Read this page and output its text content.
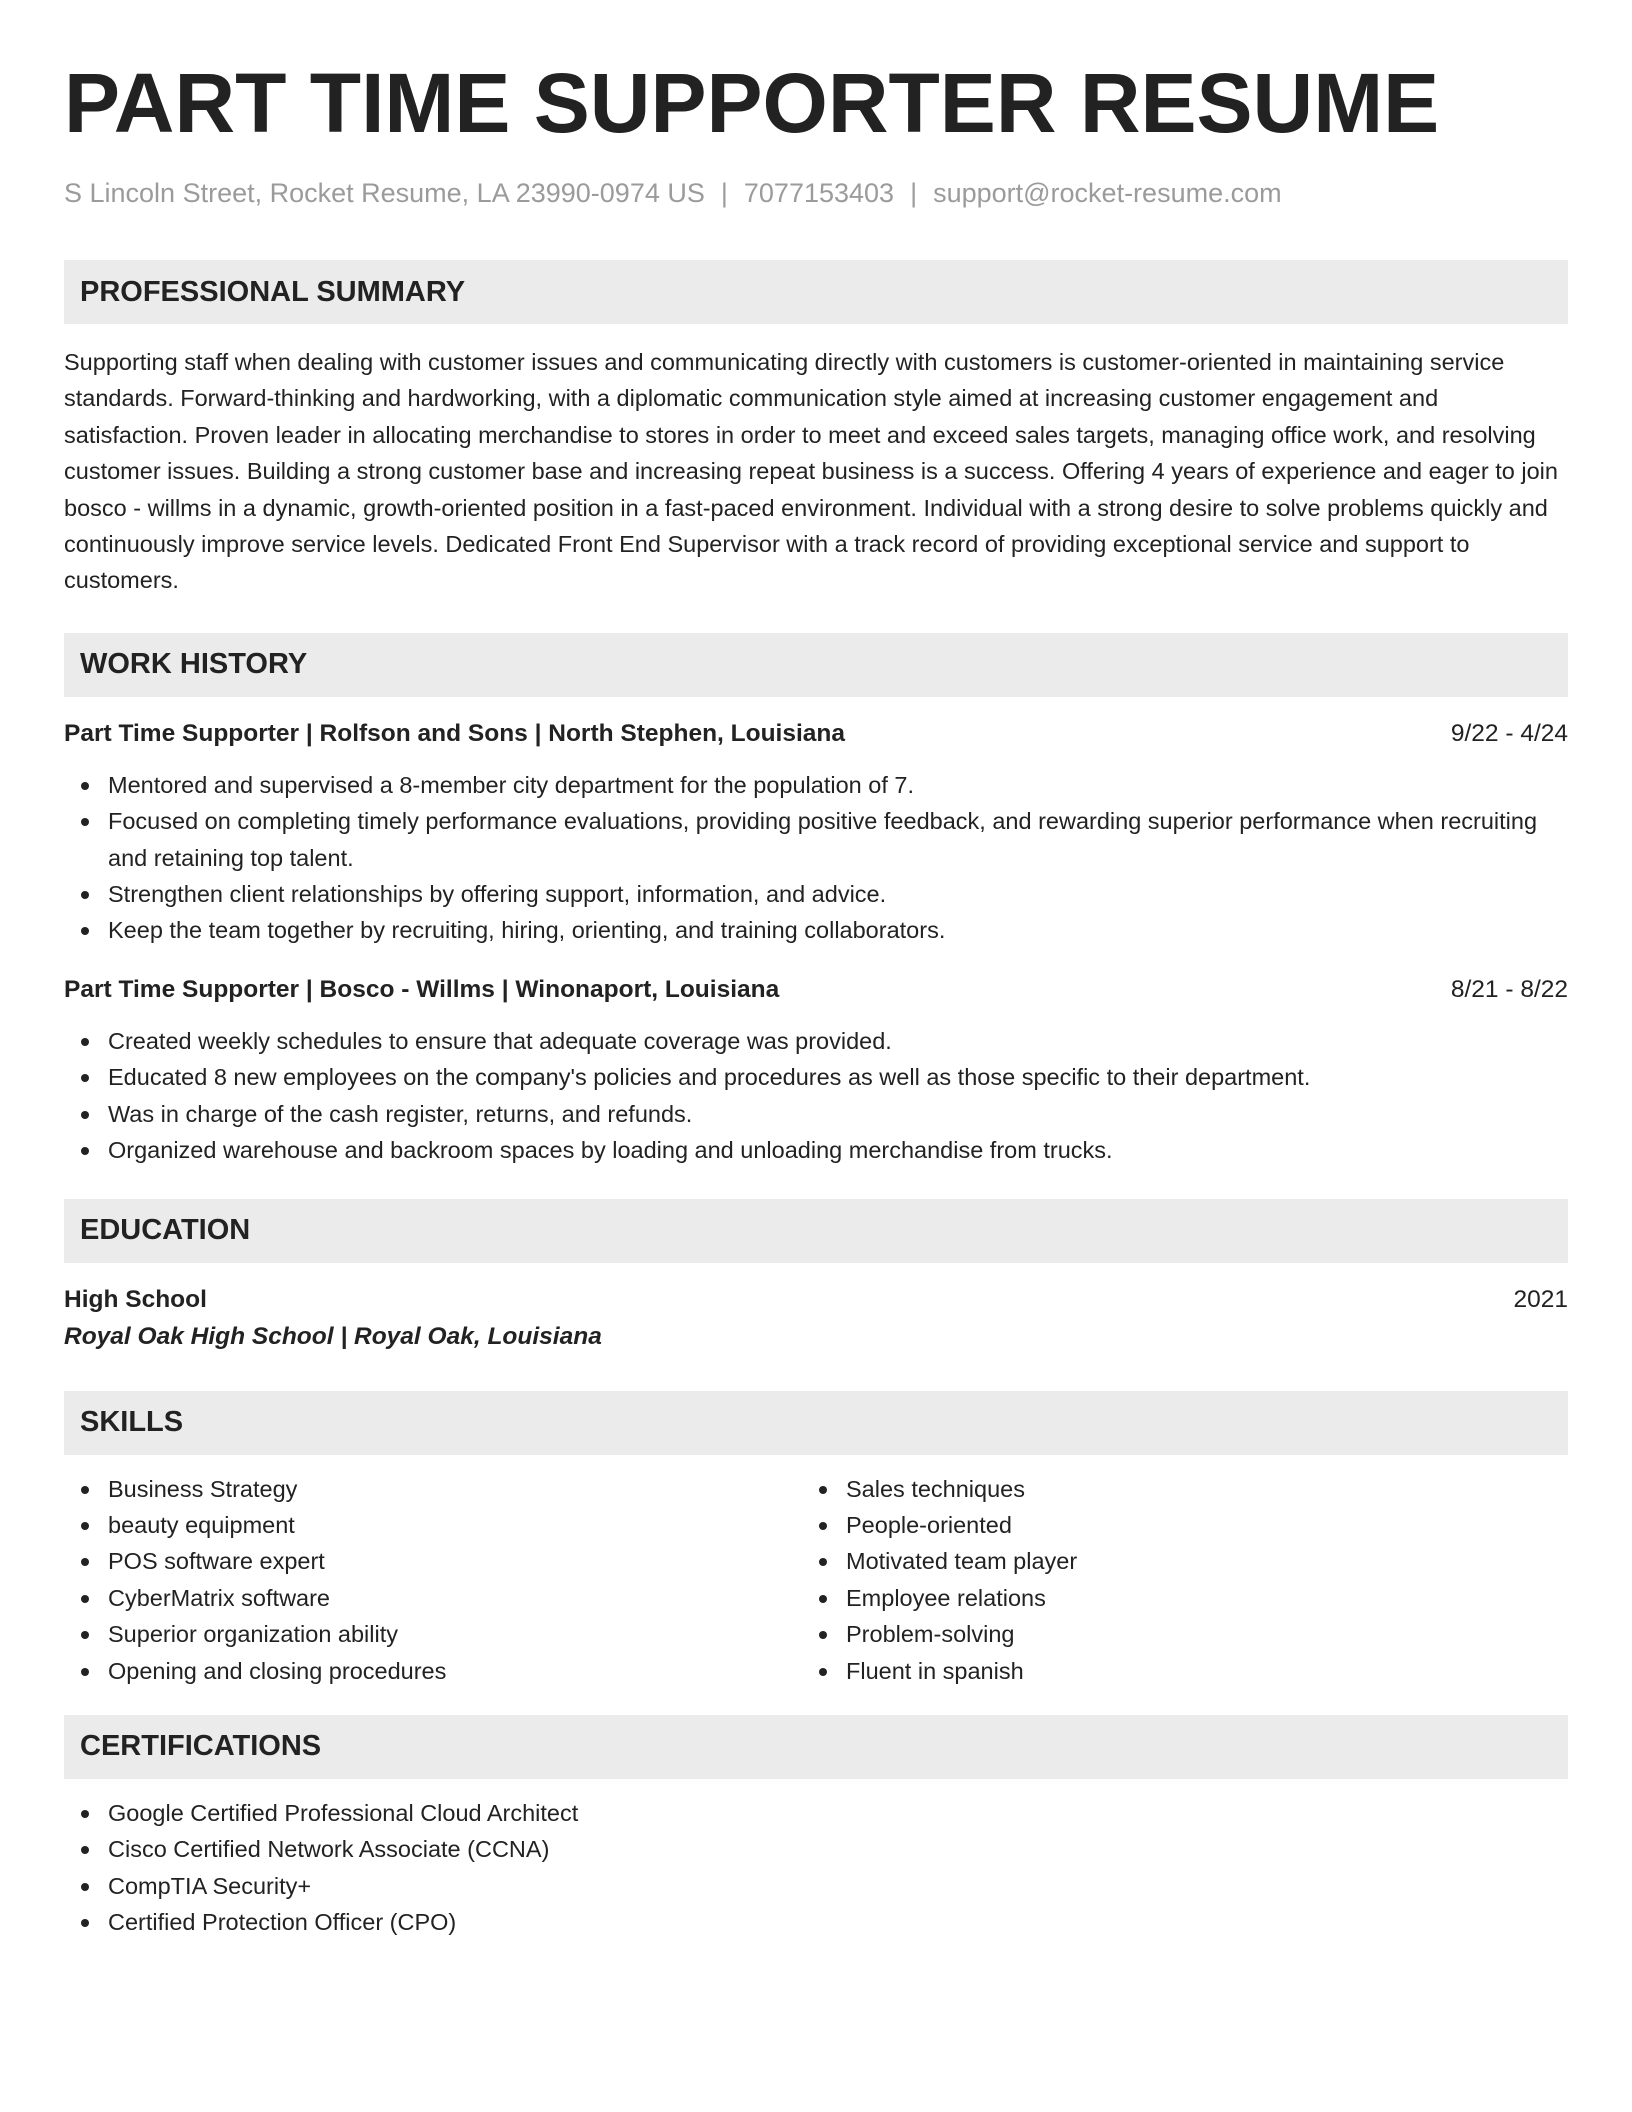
PART TIME SUPPORTER RESUME
S Lincoln Street, Rocket Resume, LA 23990-0974 US | 7077153403 | support@rocket-resume.com
PROFESSIONAL SUMMARY

Supporting staff when dealing with customer issues and communicating directly with customers is customer-oriented in maintaining service standards. Forward-thinking and hardworking, with a diplomatic communication style aimed at increasing customer engagement and satisfaction. Proven leader in allocating merchandise to stores in order to meet and exceed sales targets, managing office work, and resolving customer issues. Building a strong customer base and increasing repeat business is a success. Offering 4 years of experience and eager to join bosco - willms in a dynamic, growth-oriented position in a fast-paced environment. Individual with a strong desire to solve problems quickly and continuously improve service levels. Dedicated Front End Supervisor with a track record of providing exceptional service and support to customers.

WORK HISTORY
Part Time Supporter | Rolfson and Sons | North Stephen, Louisiana	9/22 - 4/24
Mentored and supervised a 8-member city department for the population of 7.
Focused on completing timely performance evaluations, providing positive feedback, and rewarding superior performance when recruiting and retaining top talent.
Strengthen client relationships by offering support, information, and advice.
Keep the team together by recruiting, hiring, orienting, and training collaborators.
Part Time Supporter | Bosco - Willms | Winonaport, Louisiana	8/21 - 8/22
Created weekly schedules to ensure that adequate coverage was provided.
Educated 8 new employees on the company's policies and procedures as well as those specific to their department.
Was in charge of the cash register, returns, and refunds.
Organized warehouse and backroom spaces by loading and unloading merchandise from trucks.
EDUCATION
High School	2021
Royal Oak High School | Royal Oak, Louisiana
SKILLS
Business Strategy
beauty equipment
POS software expert
CyberMatrix software
Superior organization ability
Opening and closing procedures
Sales techniques
People-oriented
Motivated team player
Employee relations
Problem-solving
Fluent in spanish
CERTIFICATIONS
Google Certified Professional Cloud Architect
Cisco Certified Network Associate (CCNA)
CompTIA Security+
Certified Protection Officer (CPO)
